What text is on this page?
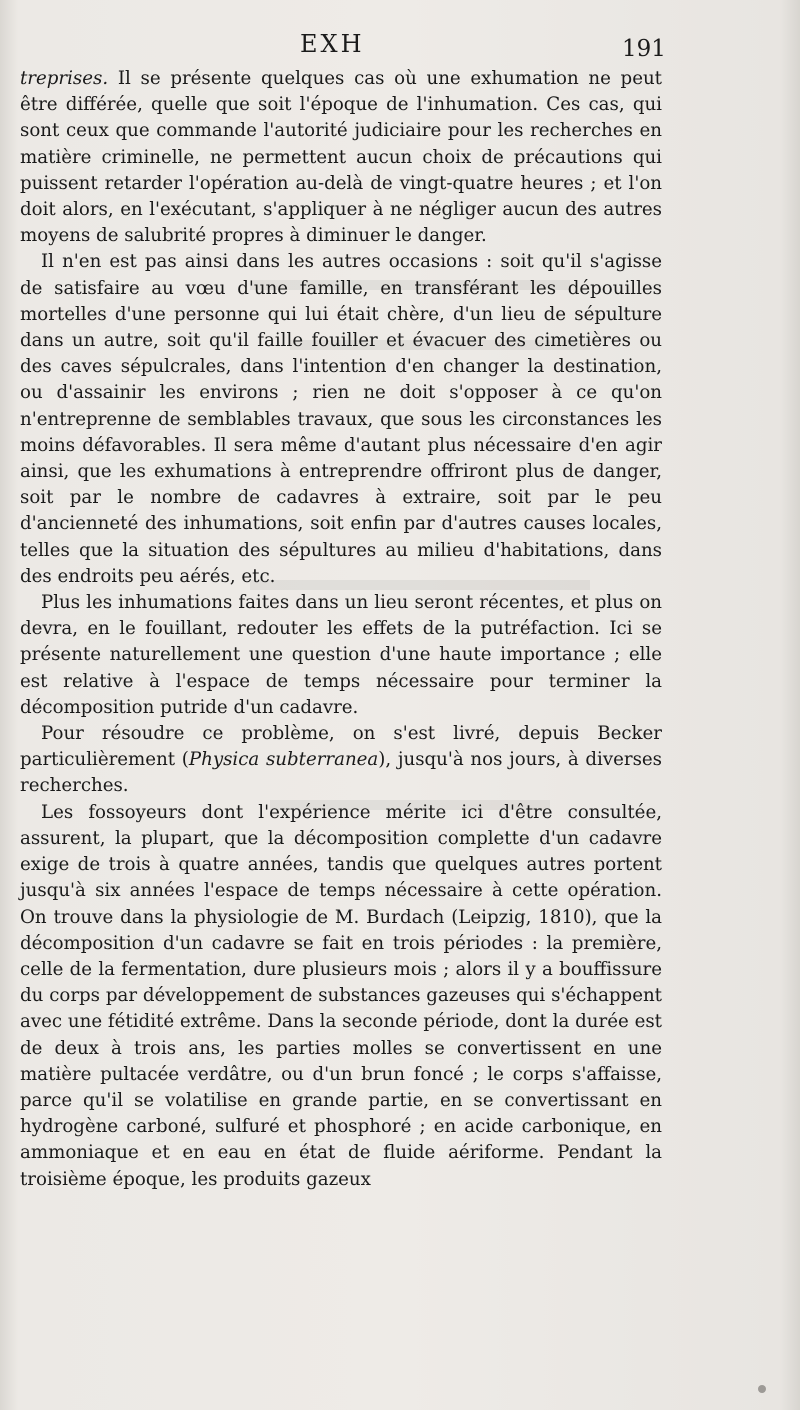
EXH	191

treprises. Il se présente quelques cas où une exhumation ne peut être différée, quelle que soit l'époque de l'inhumation. Ces cas, qui sont ceux que commande l'autorité judiciaire pour les recherches en matière criminelle, ne permettent aucun choix de précautions qui puissent retarder l'opération au-delà de vingt-quatre heures ; et l'on doit alors, en l'exécutant, s'appliquer à ne négliger aucun des autres moyens de salubrité propres à diminuer le danger.

Il n'en est pas ainsi dans les autres occasions : soit qu'il s'agisse de satisfaire au vœu d'une famille, en transférant les dépouilles mortelles d'une personne qui lui était chère, d'un lieu de sépulture dans un autre, soit qu'il faille fouiller et évacuer des cimetières ou des caves sépulcrales, dans l'intention d'en changer la destination, ou d'assainir les environs ; rien ne doit s'opposer à ce qu'on n'entreprenne de semblables travaux, que sous les circonstances les moins défavorables. Il sera même d'autant plus nécessaire d'en agir ainsi, que les exhumations à entreprendre offriront plus de danger, soit par le nombre de cadavres à extraire, soit par le peu d'ancienneté des inhumations, soit enfin par d'autres causes locales, telles que la situation des sépultures au milieu d'habitations, dans des endroits peu aérés, etc.

Plus les inhumations faites dans un lieu seront récentes, et plus on devra, en le fouillant, redouter les effets de la putréfaction. Ici se présente naturellement une question d'une haute importance ; elle est relative à l'espace de temps nécessaire pour terminer la décomposition putride d'un cadavre.

Pour résoudre ce problème, on s'est livré, depuis Becker particulièrement (Physica subterranea), jusqu'à nos jours, à diverses recherches.

Les fossoyeurs dont l'expérience mérite ici d'être consultée, assurent, la plupart, que la décomposition complette d'un cadavre exige de trois à quatre années, tandis que quelques autres portent jusqu'à six années l'espace de temps nécessaire à cette opération. On trouve dans la physiologie de M. Burdach (Leipzig, 1810), que la décomposition d'un cadavre se fait en trois périodes : la première, celle de la fermentation, dure plusieurs mois ; alors il y a bouffissure du corps par développement de substances gazeuses qui s'échappent avec une fétidité extrême. Dans la seconde période, dont la durée est de deux à trois ans, les parties molles se convertissent en une matière pultacée verdâtre, ou d'un brun foncé ; le corps s'affaisse, parce qu'il se volatilise en grande partie, en se convertissant en hydrogène carboné, sulfuré et phosphoré ; en acide carbonique, en ammoniaque et en eau en état de fluide aériforme. Pendant la troisième époque, les produits gazeux
